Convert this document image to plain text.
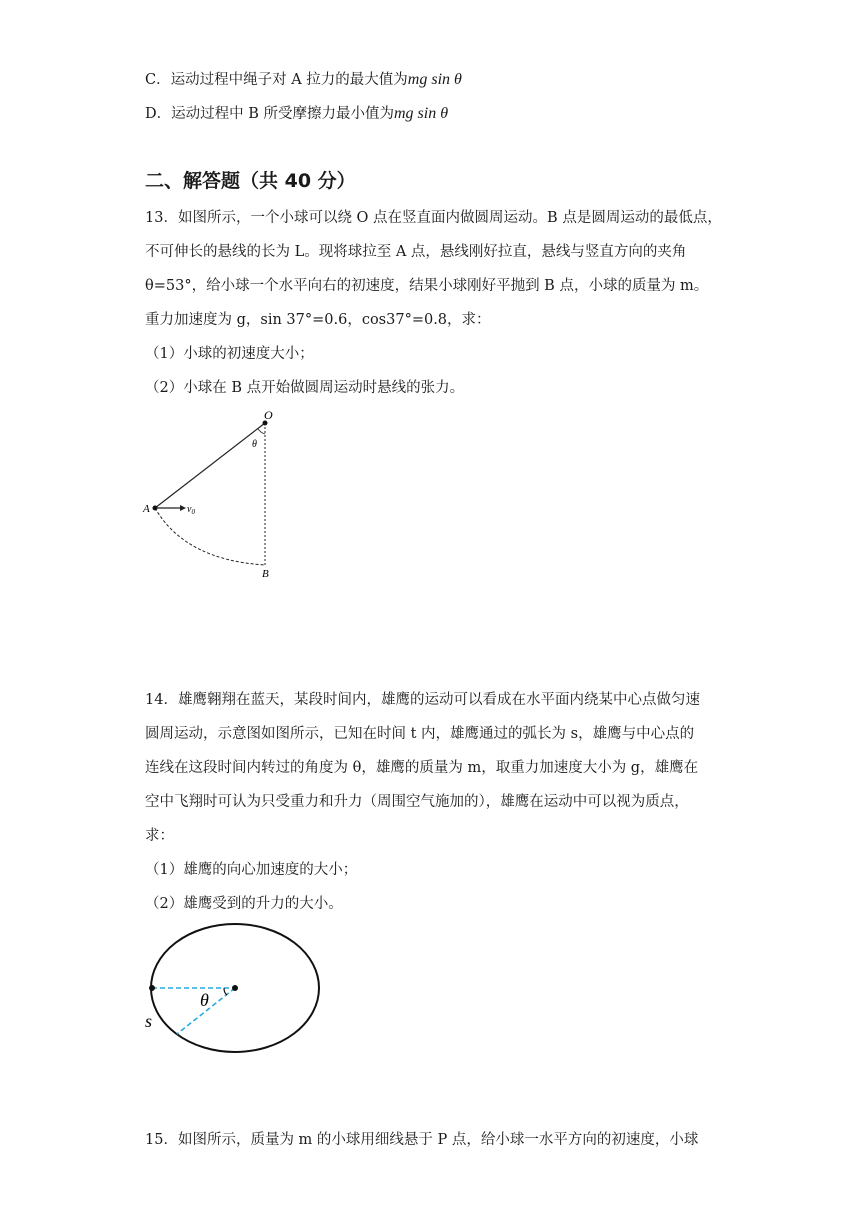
C．运动过程中绳子对 A 拉力的最大值为mg sin θ
D．运动过程中 B 所受摩擦力最小值为mg sin θ
二、解答题（共 40 分）
13．如图所示，一个小球可以绕 O 点在竖直面内做圆周运动。B 点是圆周运动的最低点，
不可伸长的悬线的长为 L。现将球拉至 A 点，悬线刚好拉直，悬线与竖直方向的夹角
θ=53°，给小球一个水平向右的初速度，结果小球刚好平抛到 B 点，小球的质量为 m。
重力加速度为 g，sin 37°=0.6，cos37°=0.8，求：
（1）小球的初速度大小；
（2）小球在 B 点开始做圆周运动时悬线的张力。
O
θ
A	$v_0$
B
14．雄鹰翱翔在蓝天，某段时间内，雄鹰的运动可以看成在水平面内绕某中心点做匀速
圆周运动，示意图如图所示，已知在时间 t 内，雄鹰通过的弧长为 s，雄鹰与中心点的
连线在这段时间内转过的角度为 θ，雄鹰的质量为 m，取重力加速度大小为 g，雄鹰在
空中飞翔时可认为只受重力和升力（周围空气施加的），雄鹰在运动中可以视为质点，
求：
（1）雄鹰的向心加速度的大小；
（2）雄鹰受到的升力的大小。
θ
s
15．如图所示，质量为 m 的小球用细线悬于 P 点，给小球一水平方向的初速度，小球
